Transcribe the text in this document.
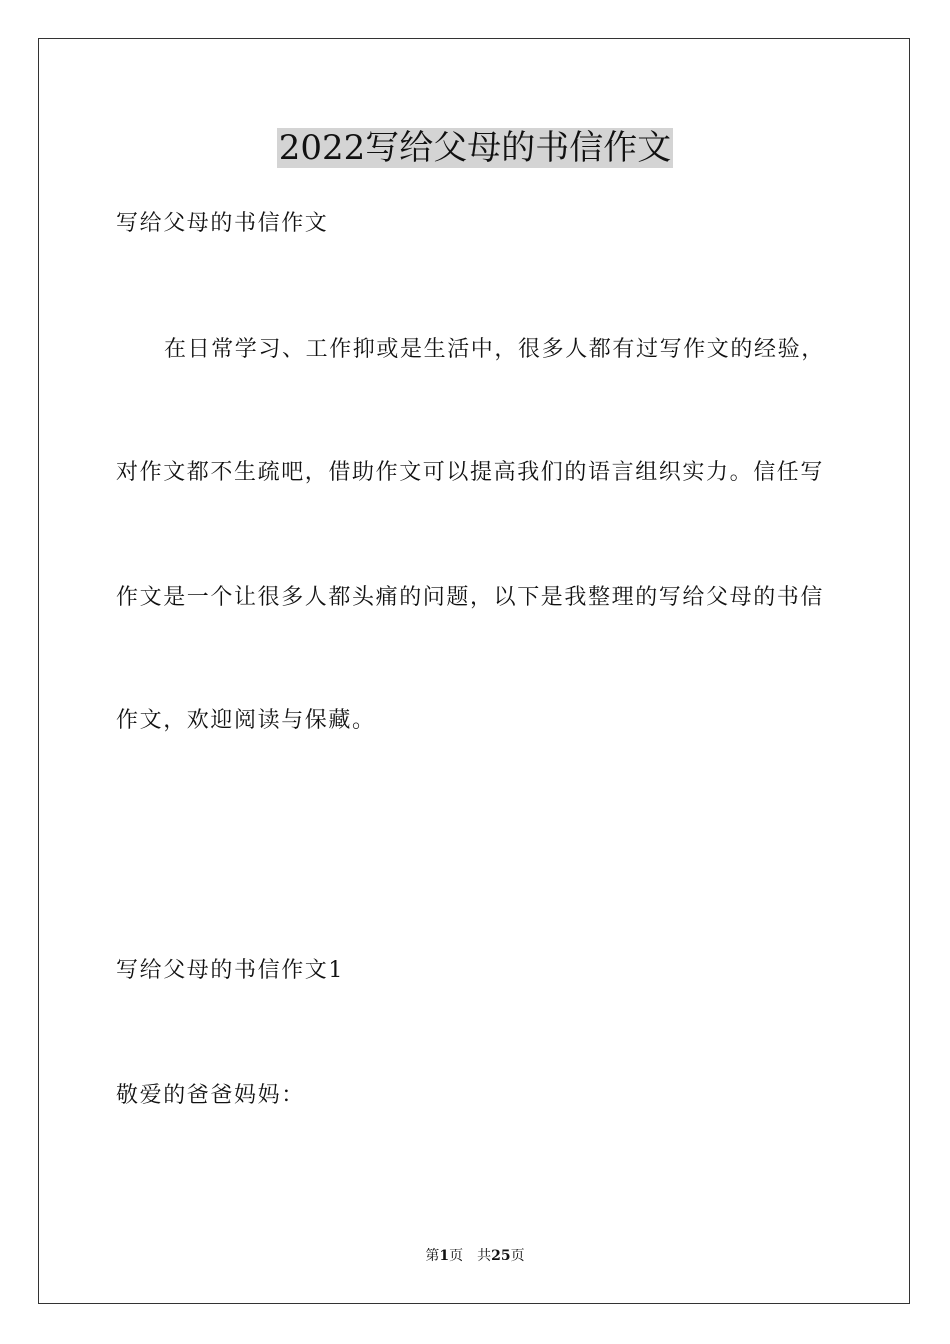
2022写给父母的书信作文

写给父母的书信作文

在日常学习、工作抑或是生活中，很多人都有过写作文的经验，

对作文都不生疏吧，借助作文可以提高我们的语言组织实力。信任写

作文是一个让很多人都头痛的问题，以下是我整理的写给父母的书信

作文，欢迎阅读与保藏。

写给父母的书信作文1

敬爱的爸爸妈妈：

第1页 共25页
